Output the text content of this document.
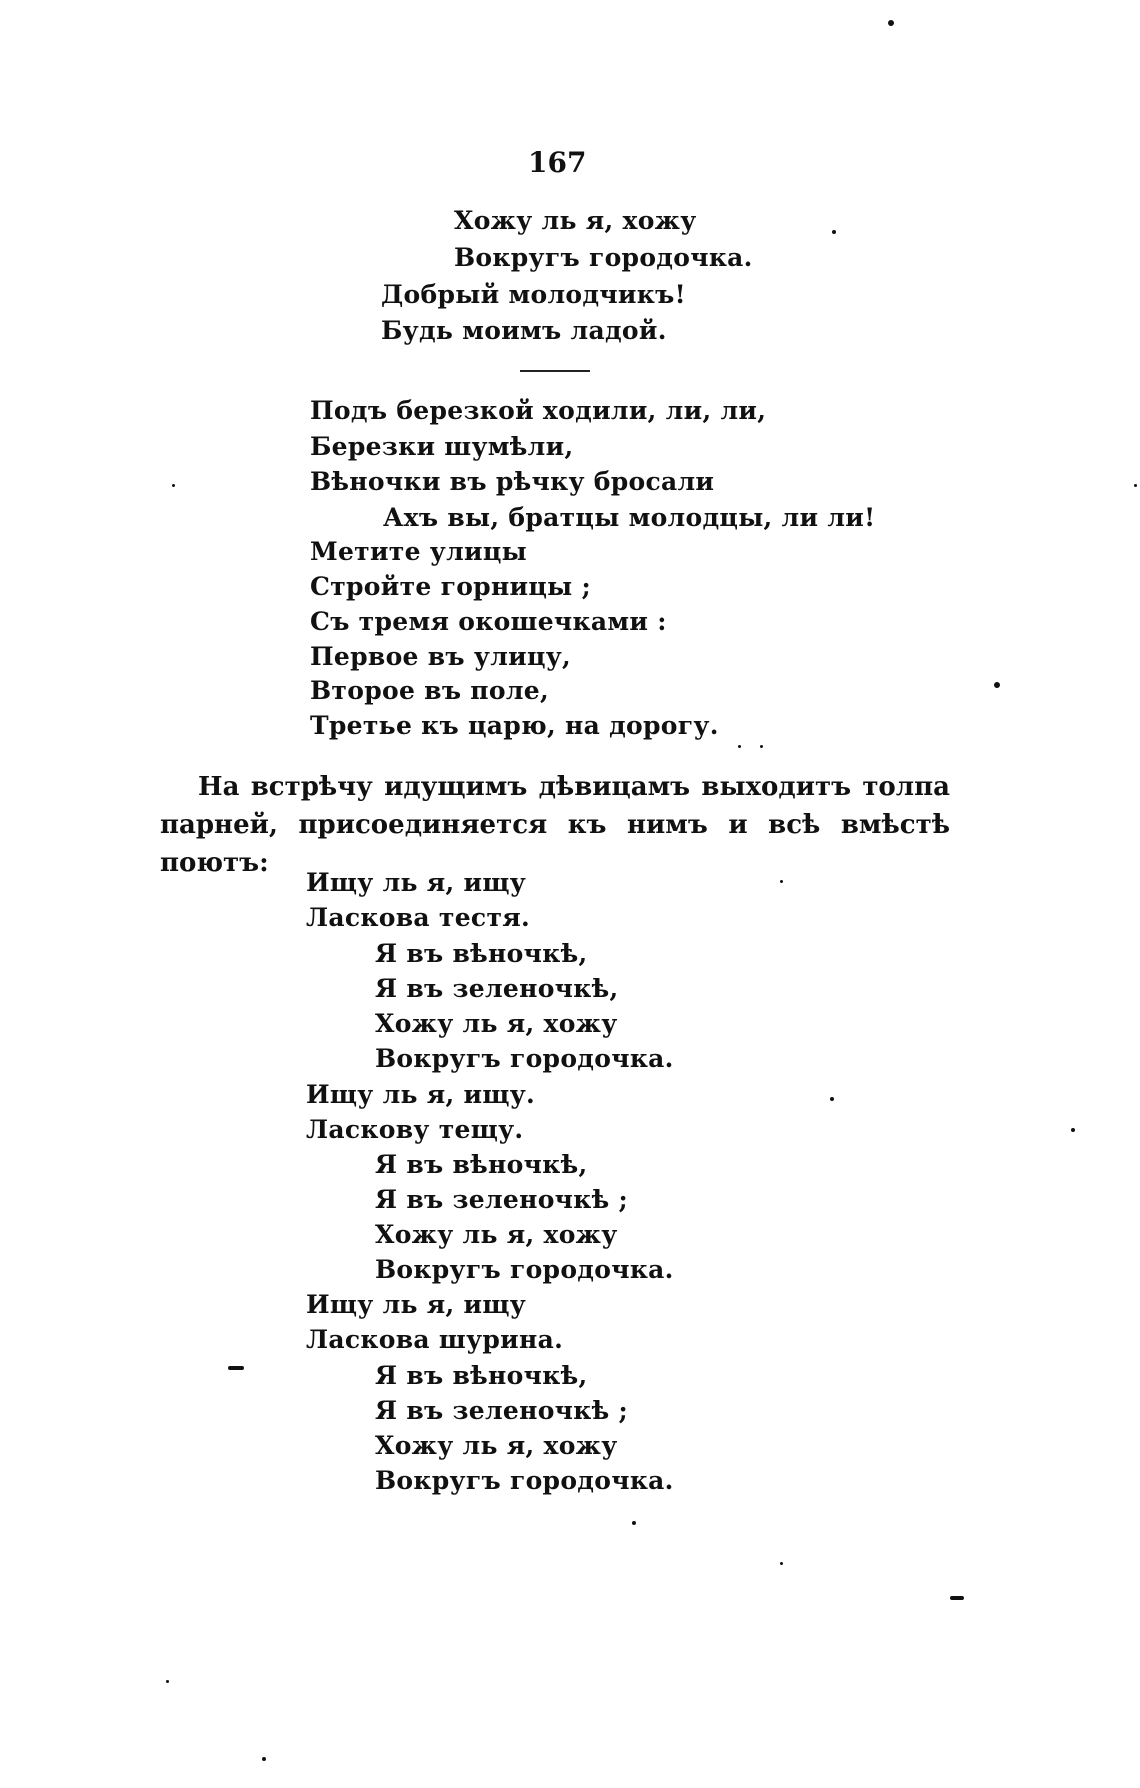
167
Хожу ль я, хожу
Вокругъ городочка.
Добрый молодчикъ!
Будь моимъ ладой.
Подъ березкой ходили, ли, ли,
Березки шумѣли,
Вѣночки въ рѣчку бросали
Ахъ вы, братцы молодцы, ли ли!
Метите улицы
Стройте горницы ;
Съ тремя окошечками :
Первое въ улицу,
Второе въ поле,
Третье къ царю, на дорогу.
На встрѣчу идущимъ дѣвицамъ выходитъ толпа парней, присоединяется къ нимъ и всѣ вмѣстѣ поютъ:
Ищу ль я, ищу
Ласкова тестя.
Я въ вѣночкѣ,
Я въ зеленочкѣ,
Хожу ль я, хожу
Вокругъ городочка.
Ищу ль я, ищу.
Ласкову тещу.
Я въ вѣночкѣ,
Я въ зеленочкѣ ;
Хожу ль я, хожу
Вокругъ городочка.
Ищу ль я, ищу
Ласкова шурина.
Я въ вѣночкѣ,
Я въ зеленочкѣ ;
Хожу ль я, хожу
Вокругъ городочка.
